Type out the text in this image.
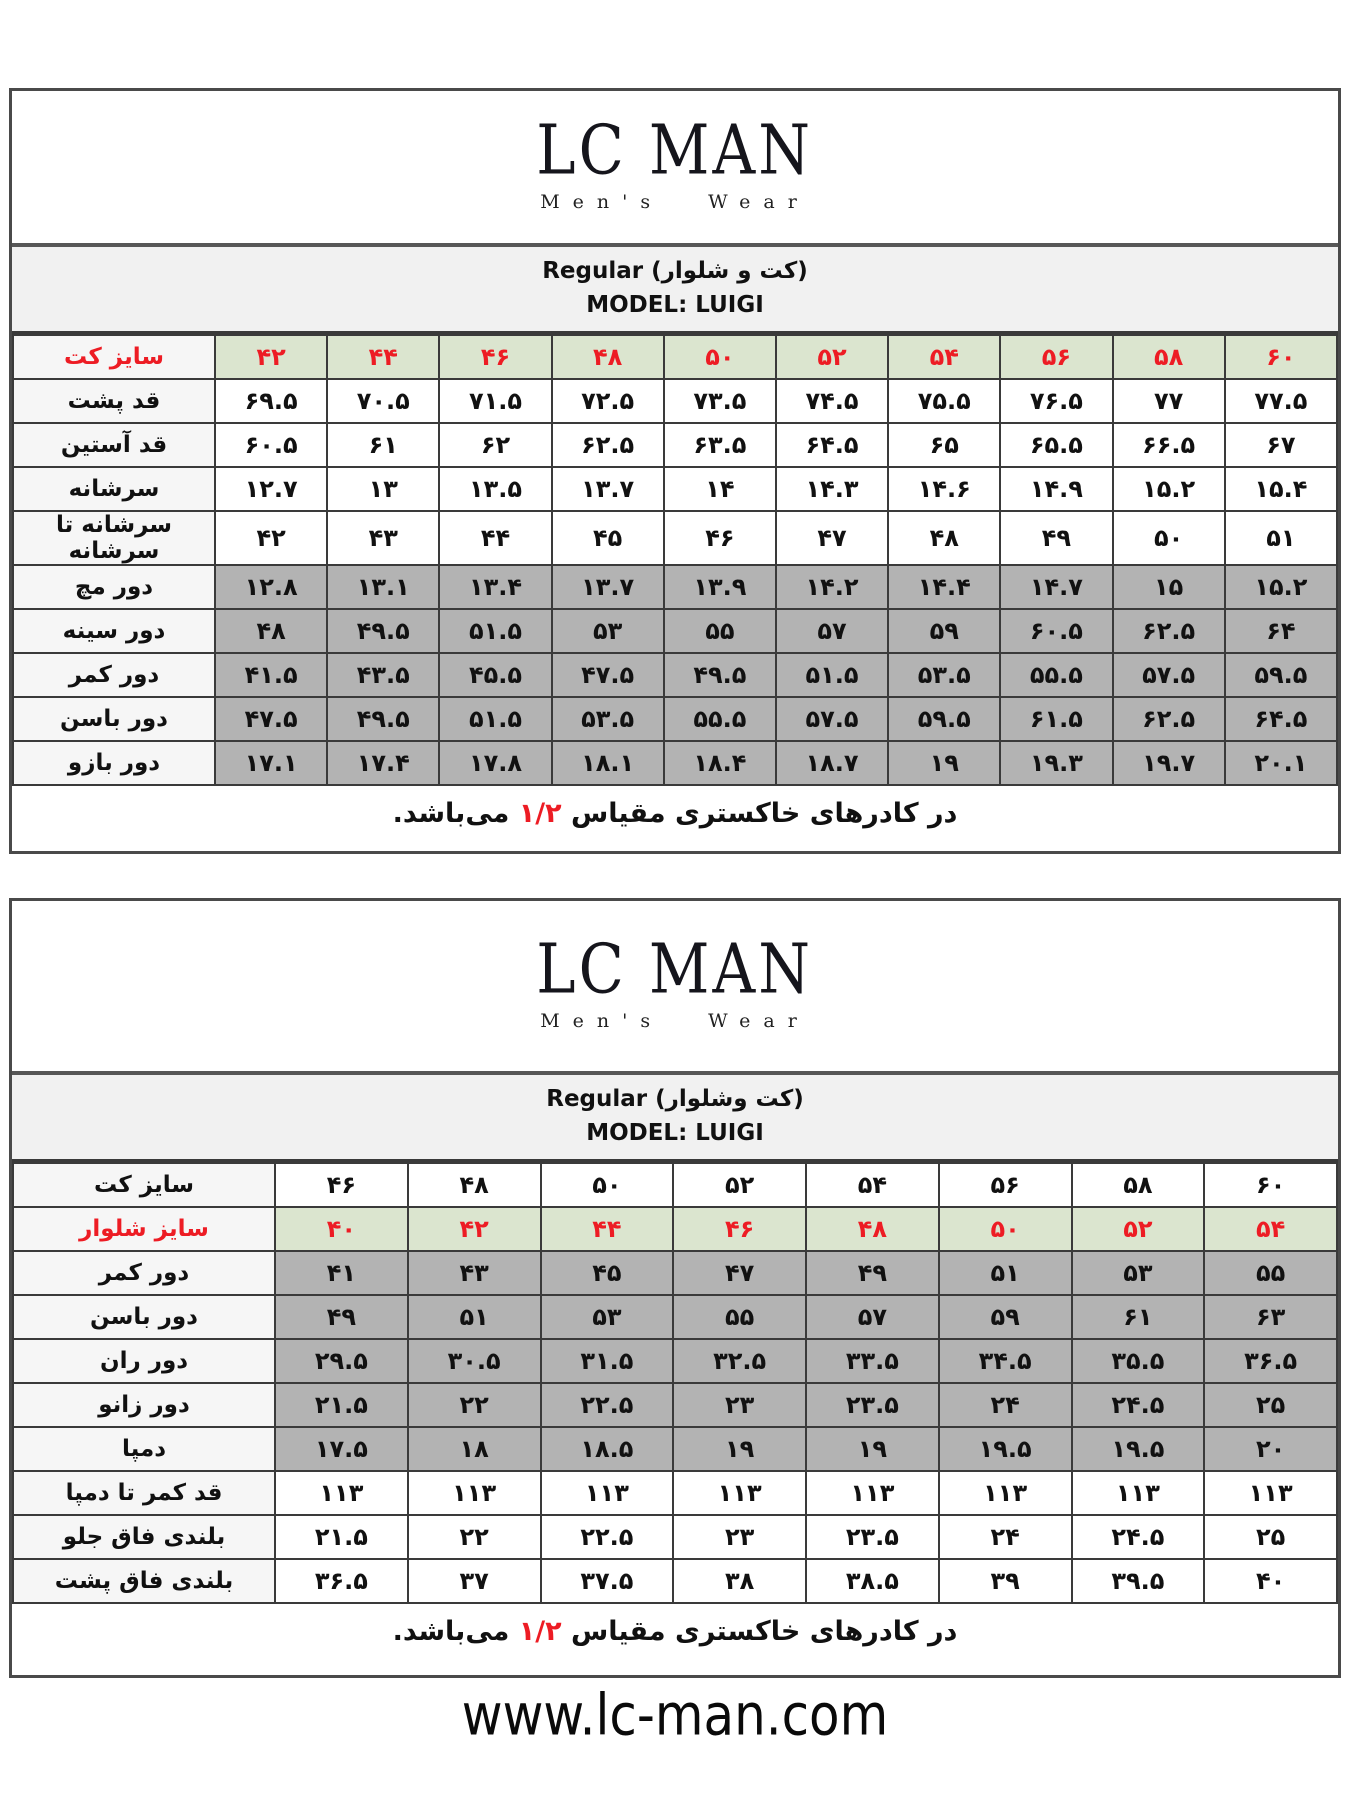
LC MAN
Men's Wear
Regular (کت و شلوار)
MODEL: LUIGI
سایز کت	۴۲	۴۴	۴۶	۴۸	۵۰	۵۲	۵۴	۵۶	۵۸	۶۰
قد پشت	۶۹.۵	۷۰.۵	۷۱.۵	۷۲.۵	۷۳.۵	۷۴.۵	۷۵.۵	۷۶.۵	۷۷	۷۷.۵
قد آستین	۶۰.۵	۶۱	۶۲	۶۲.۵	۶۳.۵	۶۴.۵	۶۵	۶۵.۵	۶۶.۵	۶۷
سرشانه	۱۲.۷	۱۳	۱۳.۵	۱۳.۷	۱۴	۱۴.۳	۱۴.۶	۱۴.۹	۱۵.۲	۱۵.۴
سرشانه تا سرشانه	۴۲	۴۳	۴۴	۴۵	۴۶	۴۷	۴۸	۴۹	۵۰	۵۱
دور مچ	۱۲.۸	۱۳.۱	۱۳.۴	۱۳.۷	۱۳.۹	۱۴.۲	۱۴.۴	۱۴.۷	۱۵	۱۵.۲
دور سینه	۴۸	۴۹.۵	۵۱.۵	۵۳	۵۵	۵۷	۵۹	۶۰.۵	۶۲.۵	۶۴
دور کمر	۴۱.۵	۴۳.۵	۴۵.۵	۴۷.۵	۴۹.۵	۵۱.۵	۵۳.۵	۵۵.۵	۵۷.۵	۵۹.۵
دور باسن	۴۷.۵	۴۹.۵	۵۱.۵	۵۳.۵	۵۵.۵	۵۷.۵	۵۹.۵	۶۱.۵	۶۲.۵	۶۴.۵
دور بازو	۱۷.۱	۱۷.۴	۱۷.۸	۱۸.۱	۱۸.۴	۱۸.۷	۱۹	۱۹.۳	۱۹.۷	۲۰.۱
در کادرهای خاکستری مقیاس ۱/۲ می‌باشد.
LC MAN
Men's Wear
Regular (کت وشلوار)
MODEL: LUIGI
سایز کت	۴۶	۴۸	۵۰	۵۲	۵۴	۵۶	۵۸	۶۰
سایز شلوار	۴۰	۴۲	۴۴	۴۶	۴۸	۵۰	۵۲	۵۴
دور کمر	۴۱	۴۳	۴۵	۴۷	۴۹	۵۱	۵۳	۵۵
دور باسن	۴۹	۵۱	۵۳	۵۵	۵۷	۵۹	۶۱	۶۳
دور ران	۲۹.۵	۳۰.۵	۳۱.۵	۳۲.۵	۳۳.۵	۳۴.۵	۳۵.۵	۳۶.۵
دور زانو	۲۱.۵	۲۲	۲۲.۵	۲۳	۲۳.۵	۲۴	۲۴.۵	۲۵
دمپا	۱۷.۵	۱۸	۱۸.۵	۱۹	۱۹	۱۹.۵	۱۹.۵	۲۰
قد کمر تا دمپا	۱۱۳	۱۱۳	۱۱۳	۱۱۳	۱۱۳	۱۱۳	۱۱۳	۱۱۳
بلندی فاق جلو	۲۱.۵	۲۲	۲۲.۵	۲۳	۲۳.۵	۲۴	۲۴.۵	۲۵
بلندی فاق پشت	۳۶.۵	۳۷	۳۷.۵	۳۸	۳۸.۵	۳۹	۳۹.۵	۴۰
در کادرهای خاکستری مقیاس ۱/۲ می‌باشد.
www.lc-man.com
